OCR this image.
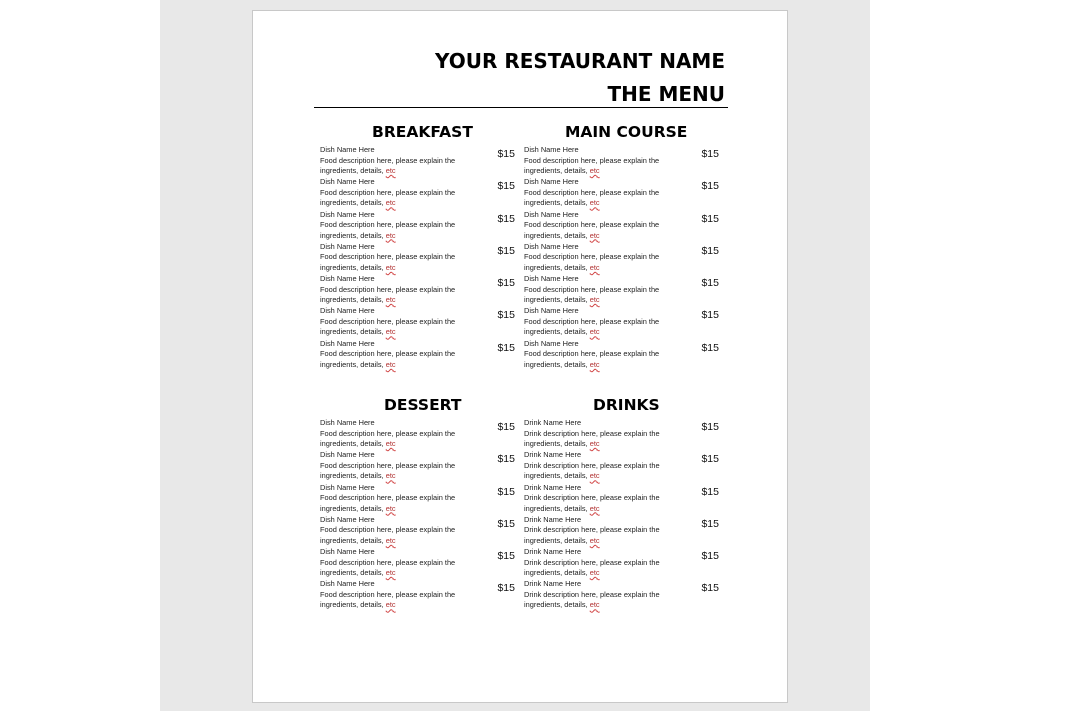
YOUR RESTAURANT NAME
THE MENU
BREAKFAST
Dish Name Here
Food description here, please explain the
ingredients, details, etc
$15
Dish Name Here
Food description here, please explain the
ingredients, details, etc
$15
Dish Name Here
Food description here, please explain the
ingredients, details, etc
$15
Dish Name Here
Food description here, please explain the
ingredients, details, etc
$15
Dish Name Here
Food description here, please explain the
ingredients, details, etc
$15
Dish Name Here
Food description here, please explain the
ingredients, details, etc
$15
Dish Name Here
Food description here, please explain the
ingredients, details, etc
$15
MAIN COURSE
Dish Name Here
Food description here, please explain the
ingredients, details, etc
$15
Dish Name Here
Food description here, please explain the
ingredients, details, etc
$15
Dish Name Here
Food description here, please explain the
ingredients, details, etc
$15
Dish Name Here
Food description here, please explain the
ingredients, details, etc
$15
Dish Name Here
Food description here, please explain the
ingredients, details, etc
$15
Dish Name Here
Food description here, please explain the
ingredients, details, etc
$15
Dish Name Here
Food description here, please explain the
ingredients, details, etc
$15
DESSERT
Dish Name Here
Food description here, please explain the
ingredients, details, etc
$15
Dish Name Here
Food description here, please explain the
ingredients, details, etc
$15
Dish Name Here
Food description here, please explain the
ingredients, details, etc
$15
Dish Name Here
Food description here, please explain the
ingredients, details, etc
$15
Dish Name Here
Food description here, please explain the
ingredients, details, etc
$15
Dish Name Here
Food description here, please explain the
ingredients, details, etc
$15
DRINKS
Drink Name Here
Drink description here, please explain the
ingredients, details, etc
$15
Drink Name Here
Drink description here, please explain the
ingredients, details, etc
$15
Drink Name Here
Drink description here, please explain the
ingredients, details, etc
$15
Drink Name Here
Drink description here, please explain the
ingredients, details, etc
$15
Drink Name Here
Drink description here, please explain the
ingredients, details, etc
$15
Drink Name Here
Drink description here, please explain the
ingredients, details, etc
$15
